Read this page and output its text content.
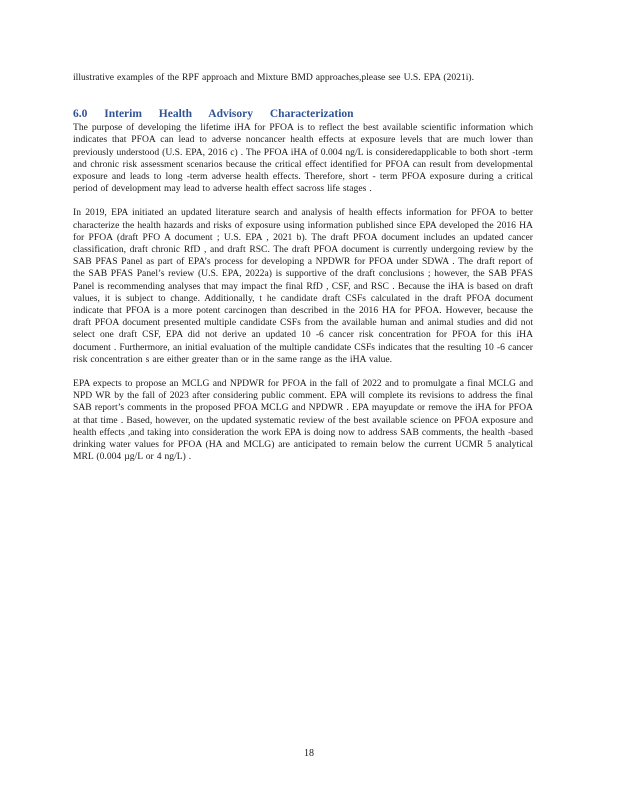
illustrative examples of the RPF approach and Mixture BMD approaches,please see U.S. EPA (2021i).

6.0 Interim Health Advisory Characterization

The purpose of developing the lifetime iHA for PFOA is to reflect the best available scientific information which indicates that PFOA can lead to adverse noncancer health effects at exposure levels that are much lower than previously understood (U.S. EPA, 2016 c) . The PFOA iHA of 0.004 ng/L is consideredapplicable to both short -term and chronic risk assessment scenarios because the critical effect identified for PFOA can result from developmental exposure and leads to long -term adverse health effects. Therefore, short - term PFOA exposure during a critical period of development may lead to adverse health effect sacross life stages .

In 2019, EPA initiated an updated literature search and analysis of health effects information for PFOA to better characterize the health hazards and risks of exposure using information published since EPA developed the 2016 HA for PFOA (draft PFO A document ; U.S. EPA , 2021 b). The draft PFOA document includes an updated cancer classification, draft chronic RfD , and draft RSC. The draft PFOA document is currently undergoing review by the SAB PFAS Panel as part of EPA’s process for developing a NPDWR for PFOA under SDWA . The draft report of the SAB PFAS Panel’s review (U.S. EPA, 2022a) is supportive of the draft conclusions ; however, the SAB PFAS Panel is recommending analyses that may impact the final RfD , CSF, and RSC . Because the iHA is based on draft values, it is subject to change. Additionally, t he candidate draft CSFs calculated in the draft PFOA document indicate that PFOA is a more potent carcinogen than described in the 2016 HA for PFOA. However, because the draft PFOA document presented multiple candidate CSFs from the available human and animal studies and did not select one draft CSF, EPA did not derive an updated 10 -6 cancer risk concentration for PFOA for this iHA document . Furthermore, an initial evaluation of the multiple candidate CSFs indicates that the resulting 10 -6 cancer risk concentration s are either greater than or in the same range as the iHA value.

EPA expects to propose an MCLG and NPDWR for PFOA in the fall of 2022 and to promulgate a final MCLG and NPD WR by the fall of 2023 after considering public comment. EPA will complete its revisions to address the final SAB report’s comments in the proposed PFOA MCLG and NPDWR . EPA mayupdate or remove the iHA for PFOA at that time . Based, however, on the updated systematic review of the best available science on PFOA exposure and health effects ,and taking into consideration the work EPA is doing now to address SAB comments, the health -based drinking water values for PFOA (HA and MCLG) are anticipated to remain below the current UCMR 5 analytical MRL (0.004 µg/L or 4 ng/L) .

18
